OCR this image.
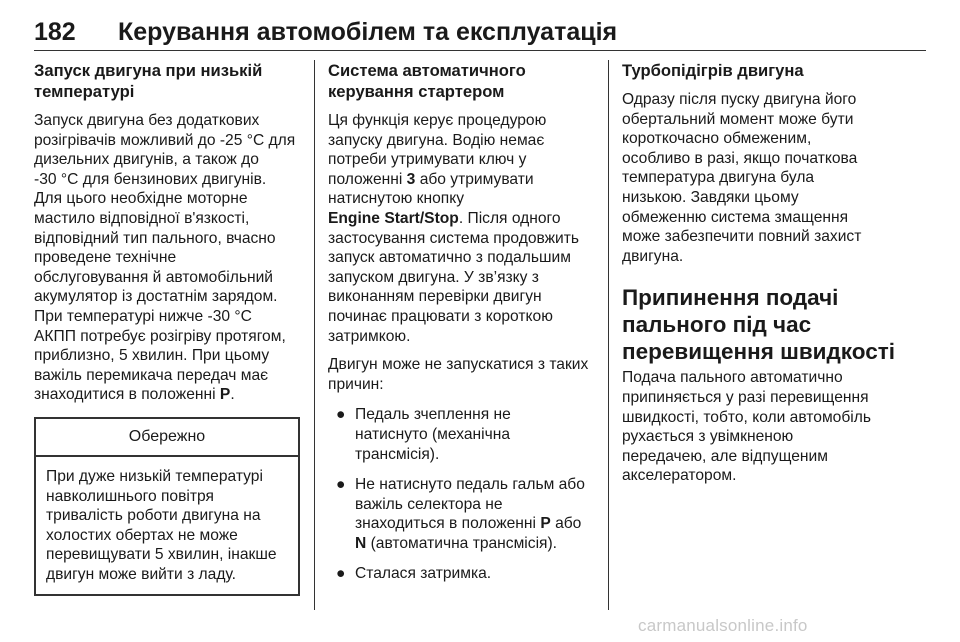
182 Керування автомобілем та експлуатація
Запуск двигуна при низькій
температурі
Запуск двигуна без додаткових
розігрівачів можливий до -25 °C для
дизельних двигунів, а також до
-30 °C для бензинових двигунів.
Для цього необхідне моторне
мастило відповідної в'язкості,
відповідний тип пального, вчасно
проведене технічне
обслуговування й автомобільний
акумулятор із достатнім зарядом.
При температурі нижче -30 °C
АКПП потребує розігріву протягом,
приблизно, 5 хвилин. При цьому
важіль перемикача передач має
знаходитися в положенні P.
Обережно
При дуже низькій температурі
навколишнього повітря
тривалість роботи двигуна на
холостих обертах не може
перевищувати 5 хвилин, інакше
двигун може вийти з ладу.
Система автоматичного
керування стартером
Ця функція керує процедурою
запуску двигуна. Водію немає
потреби утримувати ключ у
положенні 3 або утримувати
натиснутою кнопку
Engine Start/Stop. Після одного
застосування система продовжить
запуск автоматично з подальшим
запуском двигуна. У зв’язку з
виконанням перевірки двигун
починає працювати з короткою
затримкою.
Двигун може не запускатися з таких
причин:
● Педаль зчеплення не
натиснуто (механічна
трансмісія).
● Не натиснуто педаль гальм або
важіль селектора не
знаходиться в положенні P або
N (автоматична трансмісія).
● Сталася затримка.
Турбопідігрів двигуна
Одразу після пуску двигуна його
обертальний момент може бути
короткочасно обмеженим,
особливо в разі, якщо початкова
температура двигуна була
низькою. Завдяки цьому
обмеженню система змащення
може забезпечити повний захист
двигуна.
Припинення подачі
пального під час
перевищення швидкості
Подача пального автоматично
припиняється у разі перевищення
швидкості, тобто, коли автомобіль
рухається з увімкненою
передачею, але відпущеним
акселератором.
carmanualsonline.info
